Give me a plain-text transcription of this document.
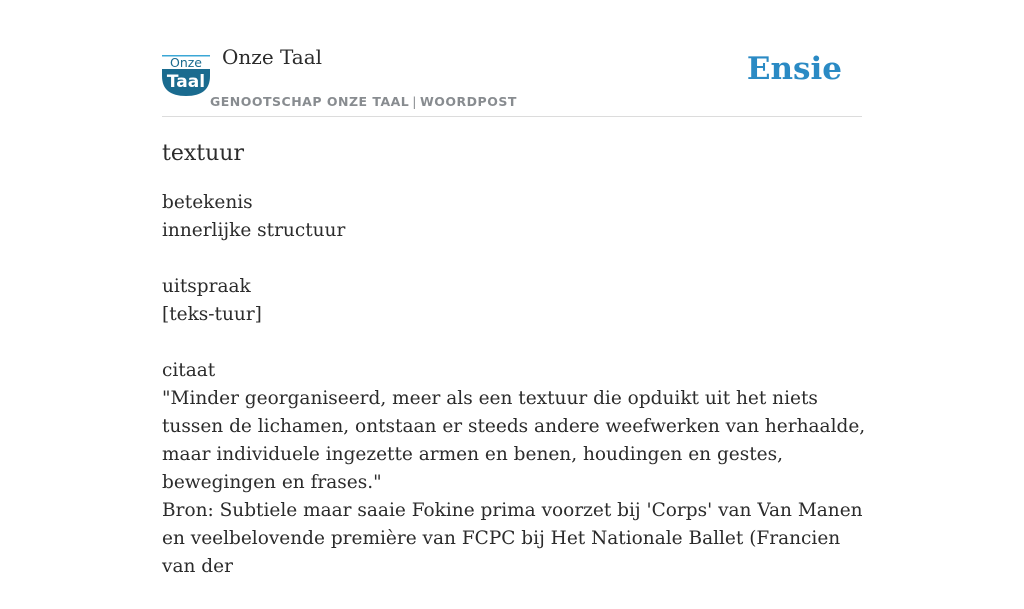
Onze
Taal
Onze Taal
GENOOTSCHAP ONZE TAAL | WOORDPOST
Ensie
textuur
betekenis
innerlijke structuur
uitspraak
[teks-tuur]
citaat
"Minder georganiseerd, meer als een textuur die opduikt uit het niets tussen de lichamen, ontstaan er steeds andere weefwerken van herhaalde, maar individuele ingezette armen en benen, houdingen en gestes, bewegingen en frases."
Bron: Subtiele maar saaie Fokine prima voorzet bij 'Corps' van Van Manen en veelbelovende première van FCPC bij Het Nationale Ballet (Francien van der
